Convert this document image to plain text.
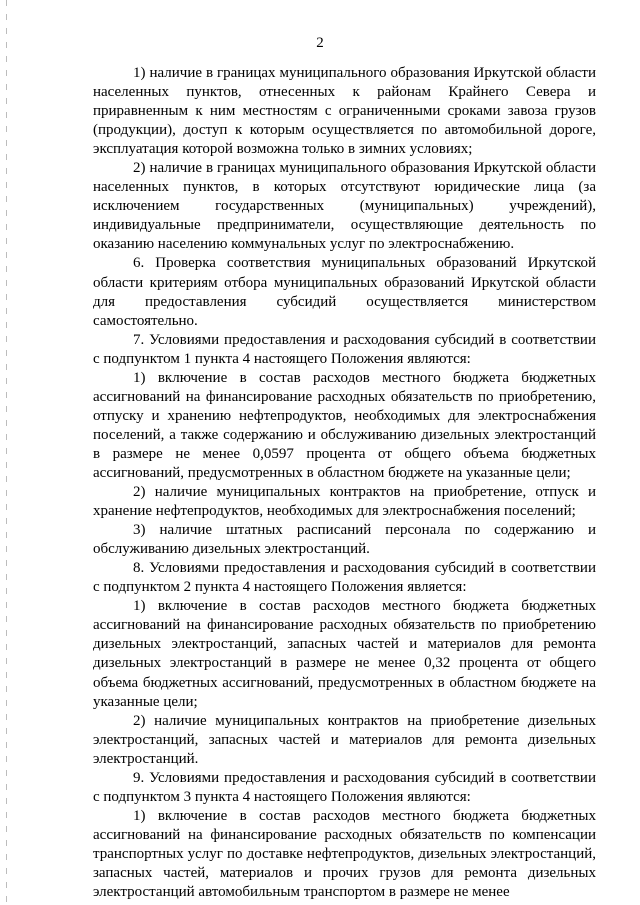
2

1) наличие в границах муниципального образования Иркутской области населенных пунктов, отнесенных к районам Крайнего Севера и приравненным к ним местностям с ограниченными сроками завоза грузов (продукции), доступ к которым осуществляется по автомобильной дороге, эксплуатация которой возможна только в зимних условиях;

2) наличие в границах муниципального образования Иркутской области населенных пунктов, в которых отсутствуют юридические лица (за исключением государственных (муниципальных) учреждений), индивидуальные предприниматели, осуществляющие деятельность по оказанию населению коммунальных услуг по электроснабжению.

6. Проверка соответствия муниципальных образований Иркутской области критериям отбора муниципальных образований Иркутской области для предоставления субсидий осуществляется министерством самостоятельно.

7. Условиями предоставления и расходования субсидий в соответствии с подпунктом 1 пункта 4 настоящего Положения являются:

1) включение в состав расходов местного бюджета бюджетных ассигнований на финансирование расходных обязательств по приобретению, отпуску и хранению нефтепродуктов, необходимых для электроснабжения поселений, а также содержанию и обслуживанию дизельных электростанций в размере не менее 0,0597 процента от общего объема бюджетных ассигнований, предусмотренных в областном бюджете на указанные цели;

2) наличие муниципальных контрактов на приобретение, отпуск и хранение нефтепродуктов, необходимых для электроснабжения поселений;

3) наличие штатных расписаний персонала по содержанию и обслуживанию дизельных электростанций.

8. Условиями предоставления и расходования субсидий в соответствии с подпунктом 2 пункта 4 настоящего Положения является:

1) включение в состав расходов местного бюджета бюджетных ассигнований на финансирование расходных обязательств по приобретению дизельных электростанций, запасных частей и материалов для ремонта дизельных электростанций в размере не менее 0,32 процента от общего объема бюджетных ассигнований, предусмотренных в областном бюджете на указанные цели;

2) наличие муниципальных контрактов на приобретение дизельных электростанций, запасных частей и материалов для ремонта дизельных электростанций.

9. Условиями предоставления и расходования субсидий в соответствии с подпунктом 3 пункта 4 настоящего Положения являются:

1) включение в состав расходов местного бюджета бюджетных ассигнований на финансирование расходных обязательств по компенсации транспортных услуг по доставке нефтепродуктов, дизельных электростанций, запасных частей, материалов и прочих грузов для ремонта дизельных электростанций автомобильным транспортом в размере не менее
